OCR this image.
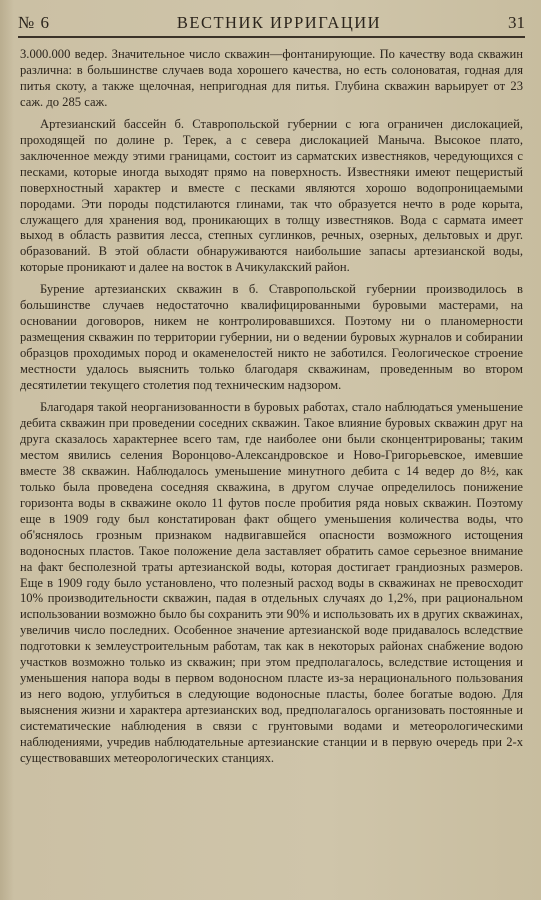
№ 6	ВЕСТНИК ИРРИГАЦИИ	31

3.000.000 ведер. Значительное число скважин—фонтанирующие. По качеству вода скважин различна: в большинстве случаев вода хорошего качества, но есть солоноватая, годная для питья скоту, а также щелочная, непригодная для питья. Глубина скважин варьирует от 23 саж. до 285 саж.

Артезианский бассейн б. Ставропольской губернии с юга ограничен дислокацией, проходящей по долине р. Терек, а с севера дислокацией Маныча. Высокое плато, заключенное между этими границами, состоит из сарматских известняков, чередующихся с песками, которые иногда выходят прямо на поверхность. Известняки имеют пещеристый поверхностный характер и вместе с песками являются хорошо водопроницаемыми породами. Эти породы подстилаются глинами, так что образуется нечто в роде корыта, служащего для хранения вод, проникающих в толщу известняков. Вода с сармата имеет выход в область развития лесса, степных суглинков, речных, озерных, дельтовых и друг. образований. В этой области обнаруживаются наибольшие запасы артезианской воды, которые проникают и далее на восток в Ачикулакский район.

Бурение артезианских скважин в б. Ставропольской губернии производилось в большинстве случаев недостаточно квалифицированными буровыми мастерами, на основании договоров, никем не контролировавшихся. Поэтому ни о планомерности размещения скважин по территории губернии, ни о ведении буровых журналов и собирании образцов проходимых пород и окаменелостей никто не заботился. Геологическое строение местности удалось выяснить только благодаря скважинам, проведенным во втором десятилетии текущего столетия под техническим надзором.

Благодаря такой неорганизованности в буровых работах, стало наблюдаться уменьшение дебита скважин при проведении соседних скважин. Такое влияние буровых скважин друг на друга сказалось характернее всего там, где наиболее они были сконцентрированы; таким местом явились селения Воронцово-Александровское и Ново-Григорьевское, имевшие вместе 38 скважин. Наблюдалось уменьшение минутного дебита с 14 ведер до 8½, как только была проведена соседняя скважина, в другом случае определилось понижение горизонта воды в скважине около 11 футов после пробития ряда новых скважин. Поэтому еще в 1909 году был констатирован факт общего уменьшения количества воды, что об'яснялось грозным признаком надвигавшейся опасности возможного истощения водоносных пластов. Такое положение дела заставляет обратить самое серьезное внимание на факт бесполезной траты артезианской воды, которая достигает грандиозных размеров. Еще в 1909 году было установлено, что полезный расход воды в скважинах не превосходит 10% производительности скважин, падая в отдельных случаях до 1,2%, при рациональном использовании возможно было бы сохранить эти 90% и использовать их в других скважинах, увеличив число последних. Особенное значение артезианской воде придавалось вследствие подготовки к землеустроительным работам, так как в некоторых районах снабжение водою участков возможно только из скважин; при этом предполагалось, вследствие истощения и уменьшения напора воды в первом водоносном пласте из-за нерационального пользования из него водою, углубиться в следующие водоносные пласты, более богатые водою. Для выяснения жизни и характера артезианских вод, предполагалось организовать постоянные и систематические наблюдения в связи с грунтовыми водами и метеорологическими наблюдениями, учредив наблюдательные артезианские станции и в первую очередь при 2-х существовавших метеорологических станциях.
